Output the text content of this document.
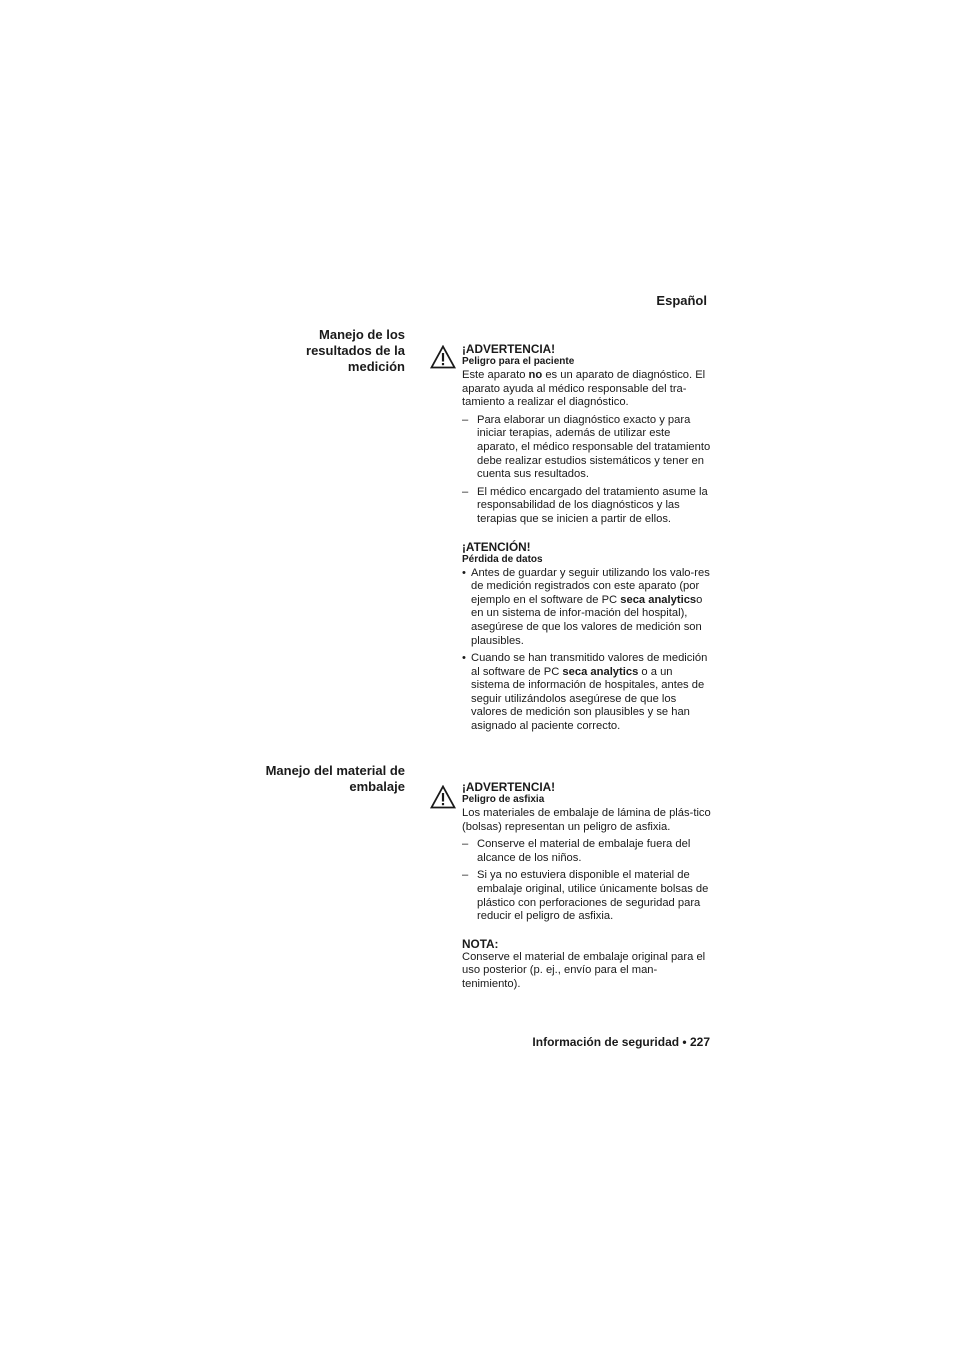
Español
Manejo de los
resultados de la
medición
¡ADVERTENCIA!
Peligro para el paciente

Este aparato no es un aparato de diagnóstico. El aparato ayuda al médico responsable del tra-tamiento a realizar el diagnóstico.

– Para elaborar un diagnóstico exacto y para iniciar terapias, además de utilizar este aparato, el médico responsable del tratamiento debe realizar estudios sistemáticos y tener en cuenta sus resultados.
– El médico encargado del tratamiento asume la responsabilidad de los diagnósticos y las terapias que se inicien a partir de ellos.
¡ATENCIÓN!
Pérdida de datos
• Antes de guardar y seguir utilizando los valo-res de medición registrados con este aparato (por ejemplo en el software de PC seca analyticso en un sistema de infor-mación del hospital), asegúrese de que los valores de medición son plausibles.
• Cuando se han transmitido valores de medición al software de PC seca analytics o a un sistema de información de hospitales, antes de seguir utilizándolos asegúrese de que los valores de medición son plausibles y se han asignado al paciente correcto.
Manejo del material de
embalaje	¡ADVERTENCIA!
Peligro de asfixia

Los materiales de embalaje de lámina de plás-tico (bolsas) representan un peligro de asfixia.

– Conserve el material de embalaje fuera del alcance de los niños.
– Si ya no estuviera disponible el material de embalaje original, utilice únicamente bolsas de plástico con perforaciones de seguridad para reducir el peligro de asfixia.
NOTA:

Conserve el material de embalaje original para el uso posterior (p. ej., envío para el man-tenimiento).

Información de seguridad • 227
